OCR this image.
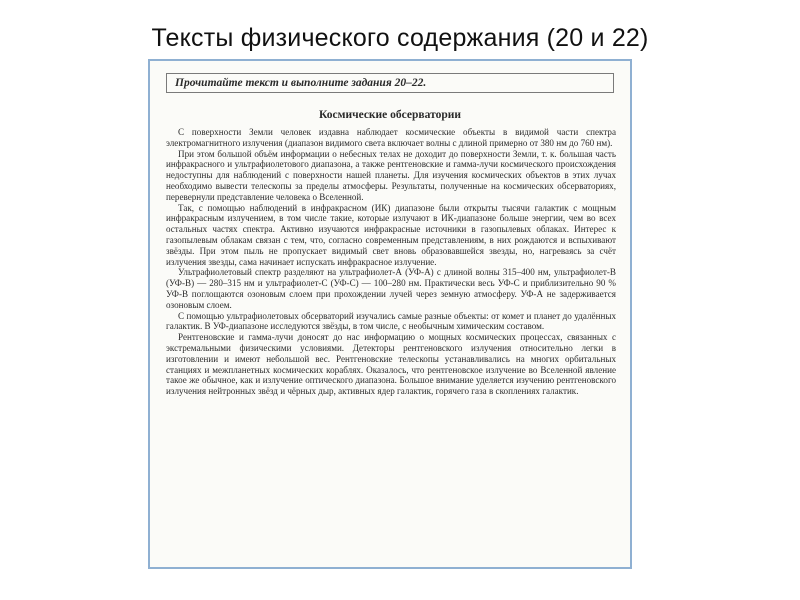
Тексты физического содержания (20 и 22)
Прочитайте текст и выполните задания 20–22.
Космические обсерватории

С поверхности Земли человек издавна наблюдает космические объекты в видимой части спектра электромагнитного излучения (диапазон видимого света включает волны с длиной примерно от 380 нм до 760 нм).

При этом большой объём информации о небесных телах не доходит до поверхности Земли, т. к. большая часть инфракрасного и ультрафиолетового диапазона, а также рентгеновские и гамма-лучи космического происхождения недоступны для наблюдений с поверхности нашей планеты. Для изучения космических объектов в этих лучах необходимо вывести телескопы за пределы атмосферы. Результаты, полученные на космических обсерваториях, перевернули представление человека о Вселенной.

Так, с помощью наблюдений в инфракрасном (ИК) диапазоне были открыты тысячи галактик с мощным инфракрасным излучением, в том числе такие, которые излучают в ИК-диапазоне больше энергии, чем во всех остальных частях спектра. Активно изучаются инфракрасные источники в газопылевых облаках. Интерес к газопылевым облакам связан с тем, что, согласно современным представлениям, в них рождаются и вспыхивают звёзды. При этом пыль не пропускает видимый свет вновь образовавшейся звезды, но, нагреваясь за счёт излучения звезды, сама начинает испускать инфракрасное излучение.

Ультрафиолетовый спектр разделяют на ультрафиолет-А (УФ-А) с длиной волны 315–400 нм, ультрафиолет-В (УФ-В) — 280–315 нм и ультрафиолет-С (УФ-С) — 100–280 нм. Практически весь УФ-С и приблизительно 90 % УФ-В поглощаются озоновым слоем при прохождении лучей через земную атмосферу. УФ-А не задерживается озоновым слоем.

С помощью ультрафиолетовых обсерваторий изучались самые разные объекты: от комет и планет до удалённых галактик. В УФ-диапазоне исследуются звёзды, в том числе, с необычным химическим составом.

Рентгеновские и гамма-лучи доносят до нас информацию о мощных космических процессах, связанных с экстремальными физическими условиями. Детекторы рентгеновского излучения относительно легки в изготовлении и имеют небольшой вес. Рентгеновские телескопы устанавливались на многих орбитальных станциях и межпланетных космических кораблях. Оказалось, что рентгеновское излучение во Вселенной явление такое же обычное, как и излучение оптического диапазона. Большое внимание уделяется изучению рентгеновского излучения нейтронных звёзд и чёрных дыр, активных ядер галактик, горячего газа в скоплениях галактик.
